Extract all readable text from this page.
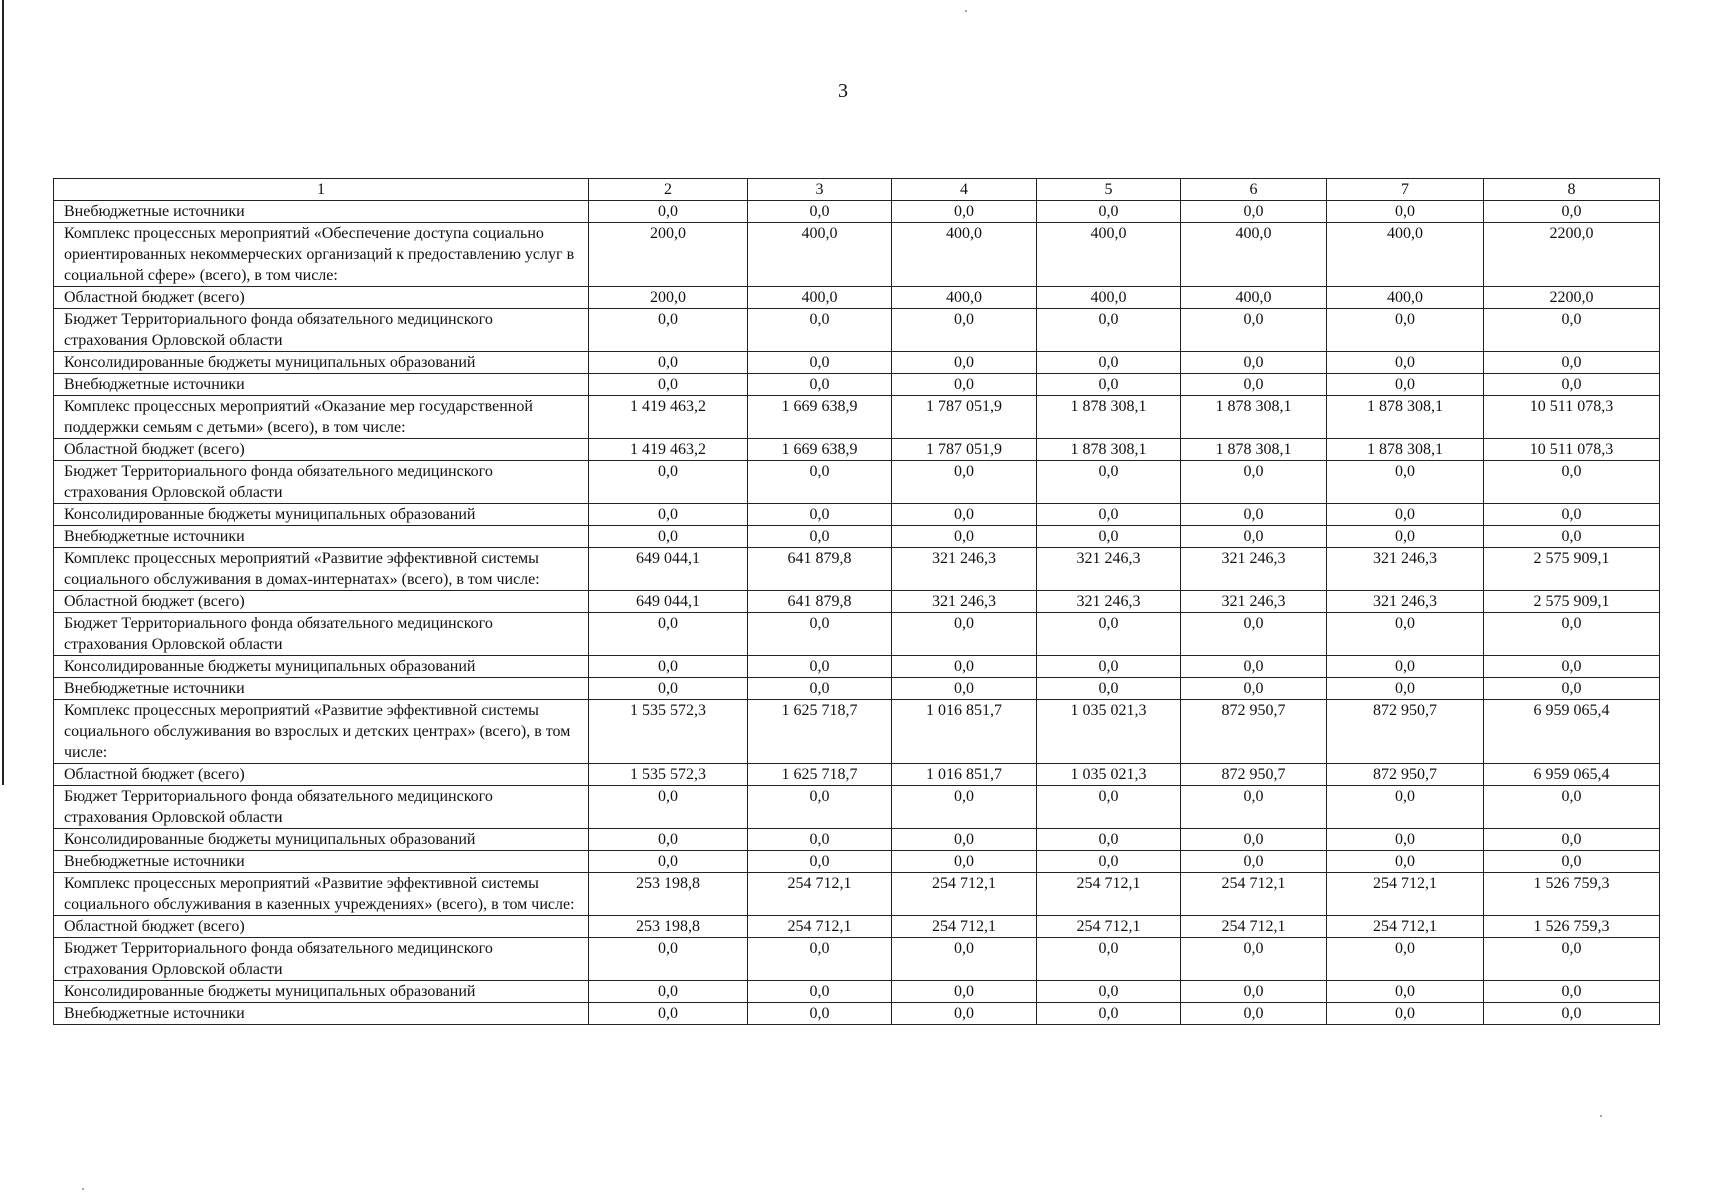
3
1	2	3	4	5	6	7	8
Внебюджетные источники	0,0	0,0	0,0	0,0	0,0	0,0	0,0
Комплекс процессных мероприятий «Обеспечение доступа социально ориентированных некоммерческих организаций к предоставлению услуг в социальной сфере» (всего), в том числе:	200,0	400,0	400,0	400,0	400,0	400,0	2200,0
Областной бюджет (всего)	200,0	400,0	400,0	400,0	400,0	400,0	2200,0
Бюджет Территориального фонда обязательного медицинского страхования Орловской области	0,0	0,0	0,0	0,0	0,0	0,0	0,0
Консолидированные бюджеты муниципальных образований	0,0	0,0	0,0	0,0	0,0	0,0	0,0
Внебюджетные источники	0,0	0,0	0,0	0,0	0,0	0,0	0,0
Комплекс процессных мероприятий «Оказание мер государственной поддержки семьям с детьми» (всего), в том числе:	1 419 463,2	1 669 638,9	1 787 051,9	1 878 308,1	1 878 308,1	1 878 308,1	10 511 078,3
Областной бюджет (всего)	1 419 463,2	1 669 638,9	1 787 051,9	1 878 308,1	1 878 308,1	1 878 308,1	10 511 078,3
Бюджет Территориального фонда обязательного медицинского страхования Орловской области	0,0	0,0	0,0	0,0	0,0	0,0	0,0
Консолидированные бюджеты муниципальных образований	0,0	0,0	0,0	0,0	0,0	0,0	0,0
Внебюджетные источники	0,0	0,0	0,0	0,0	0,0	0,0	0,0
Комплекс процессных мероприятий «Развитие эффективной системы социального обслуживания в домах-интернатах» (всего), в том числе:	649 044,1	641 879,8	321 246,3	321 246,3	321 246,3	321 246,3	2 575 909,1
Областной бюджет (всего)	649 044,1	641 879,8	321 246,3	321 246,3	321 246,3	321 246,3	2 575 909,1
Бюджет Территориального фонда обязательного медицинского страхования Орловской области	0,0	0,0	0,0	0,0	0,0	0,0	0,0
Консолидированные бюджеты муниципальных образований	0,0	0,0	0,0	0,0	0,0	0,0	0,0
Внебюджетные источники	0,0	0,0	0,0	0,0	0,0	0,0	0,0
Комплекс процессных мероприятий «Развитие эффективной системы социального обслуживания во взрослых и детских центрах» (всего), в том числе:	1 535 572,3	1 625 718,7	1 016 851,7	1 035 021,3	872 950,7	872 950,7	6 959 065,4
Областной бюджет (всего)	1 535 572,3	1 625 718,7	1 016 851,7	1 035 021,3	872 950,7	872 950,7	6 959 065,4
Бюджет Территориального фонда обязательного медицинского страхования Орловской области	0,0	0,0	0,0	0,0	0,0	0,0	0,0
Консолидированные бюджеты муниципальных образований	0,0	0,0	0,0	0,0	0,0	0,0	0,0
Внебюджетные источники	0,0	0,0	0,0	0,0	0,0	0,0	0,0
Комплекс процессных мероприятий «Развитие эффективной системы социального обслуживания в казенных учреждениях» (всего), в том числе:	253 198,8	254 712,1	254 712,1	254 712,1	254 712,1	254 712,1	1 526 759,3
Областной бюджет (всего)	253 198,8	254 712,1	254 712,1	254 712,1	254 712,1	254 712,1	1 526 759,3
Бюджет Территориального фонда обязательного медицинского страхования Орловской области	0,0	0,0	0,0	0,0	0,0	0,0	0,0
Консолидированные бюджеты муниципальных образований	0,0	0,0	0,0	0,0	0,0	0,0	0,0
Внебюджетные источники	0,0	0,0	0,0	0,0	0,0	0,0	0,0
